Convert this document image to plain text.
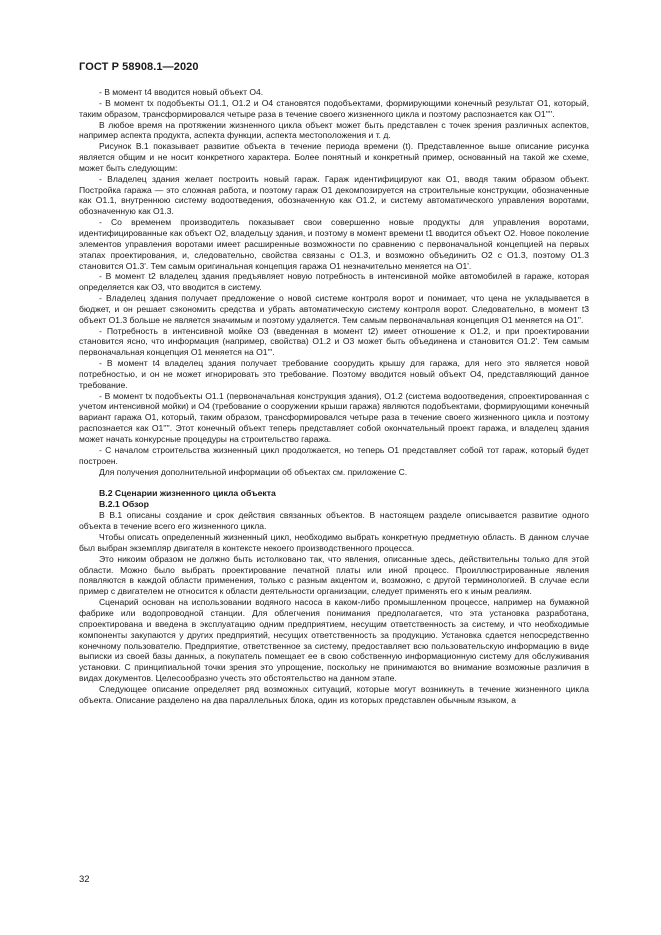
ГОСТ Р 58908.1—2020

- В момент t4 вводится новый объект O4.

- В момент tx подобъекты O1.1, O1.2 и O4 становятся подобъектами, формирующими конечный результат O1, который, таким образом, трансформировался четыре раза в течение своего жизненного цикла и поэтому распознается как O1''''.

В любое время на протяжении жизненного цикла объект может быть представлен с точек зрения различных аспектов, например аспекта продукта, аспекта функции, аспекта местоположения и т. д.

Рисунок В.1 показывает развитие объекта в течение периода времени (t). Представленное выше описание рисунка является общим и не носит конкретного характера. Более понятный и конкретный пример, основанный на такой же схеме, может быть следующим:

- Владелец здания желает построить новый гараж. Гараж идентифицируют как O1, вводя таким образом объект. Постройка гаража — это сложная работа, и поэтому гараж O1 декомпозируется на строительные конструкции, обозначенные как O1.1, внутреннюю систему водоотведения, обозначенную как O1.2, и систему автоматического управления воротами, обозначенную как O1.3.

- Со временем производитель показывает свои совершенно новые продукты для управления воротами, идентифицированные как объект O2, владельцу здания, и поэтому в момент времени t1 вводится объект O2. Новое поколение элементов управления воротами имеет расширенные возможности по сравнению с первоначальной концепцией на первых этапах проектирования, и, следовательно, свойства связаны с O1.3, и возможно объединить O2 с O1.3, поэтому O1.3 становится O1.3'. Тем самым оригинальная концепция гаража O1 незначительно меняется на O1'.

- В момент t2 владелец здания предъявляет новую потребность в интенсивной мойке автомобилей в гараже, которая определяется как O3, что вводится в систему.

- Владелец здания получает предложение о новой системе контроля ворот и понимает, что цена не укладывается в бюджет, и он решает сэкономить средства и убрать автоматическую систему контроля ворот. Следовательно, в момент t3 объект O1.3 больше не является значимым и поэтому удаляется. Тем самым первоначальная концепция O1 меняется на O1''.

- Потребность в интенсивной мойке O3 (введенная в момент t2) имеет отношение к O1.2, и при проектировании становится ясно, что информация (например, свойства) O1.2 и O3 может быть объединена и становится O1.2'. Тем самым первоначальная концепция O1 меняется на O1'''.

- В момент t4 владелец здания получает требование соорудить крышу для гаража, для него это является новой потребностью, и он не может игнорировать это требование. Поэтому вводится новый объект O4, представляющий данное требование.

- В момент tx подобъекты O1.1 (первоначальная конструкция здания), O1.2 (система водоотведения, спроектированная с учетом интенсивной мойки) и O4 (требование о сооружении крыши гаража) являются подобъектами, формирующими конечный вариант гаража O1, который, таким образом, трансформировался четыре раза в течение своего жизненного цикла и поэтому распознается как O1''''. Этот конечный объект теперь представляет собой окончательный проект гаража, и владелец здания может начать конкурсные процедуры на строительство гаража.

- С началом строительства жизненный цикл продолжается, но теперь O1 представляет собой тот гараж, который будет построен.

Для получения дополнительной информации об объектах см. приложение С.

В.2 Сценарии жизненного цикла объекта
В.2.1 Обзор

В В.1 описаны создание и срок действия связанных объектов. В настоящем разделе описывается развитие одного объекта в течение всего его жизненного цикла.

Чтобы описать определенный жизненный цикл, необходимо выбрать конкретную предметную область. В данном случае был выбран экземпляр двигателя в контексте некоего производственного процесса.

Это никоим образом не должно быть истолковано так, что явления, описанные здесь, действительны только для этой области. Можно было выбрать проектирование печатной платы или иной процесс. Проиллюстрированные явления появляются в каждой области применения, только с разным акцентом и, возможно, с другой терминологией. В случае если пример с двигателем не относится к области деятельности организации, следует применять его к иным реалиям.

Сценарий основан на использовании водяного насоса в каком-либо промышленном процессе, например на бумажной фабрике или водопроводной станции. Для облегчения понимания предполагается, что эта установка разработана, спроектирована и введена в эксплуатацию одним предприятием, несущим ответственность за систему, и что необходимые компоненты закупаются у других предприятий, несущих ответственность за продукцию. Установка сдается непосредственно конечному пользователю. Предприятие, ответственное за систему, предоставляет всю пользовательскую информацию в виде выписки из своей базы данных, а покупатель помещает ее в свою собственную информационную систему для обслуживания установки. С принципиальной точки зрения это упрощение, поскольку не принимаются во внимание возможные различия в видах документов. Целесообразно учесть это обстоятельство на данном этапе.

Следующее описание определяет ряд возможных ситуаций, которые могут возникнуть в течение жизненного цикла объекта. Описание разделено на два параллельных блока, один из которых представлен обычным языком, а

32
